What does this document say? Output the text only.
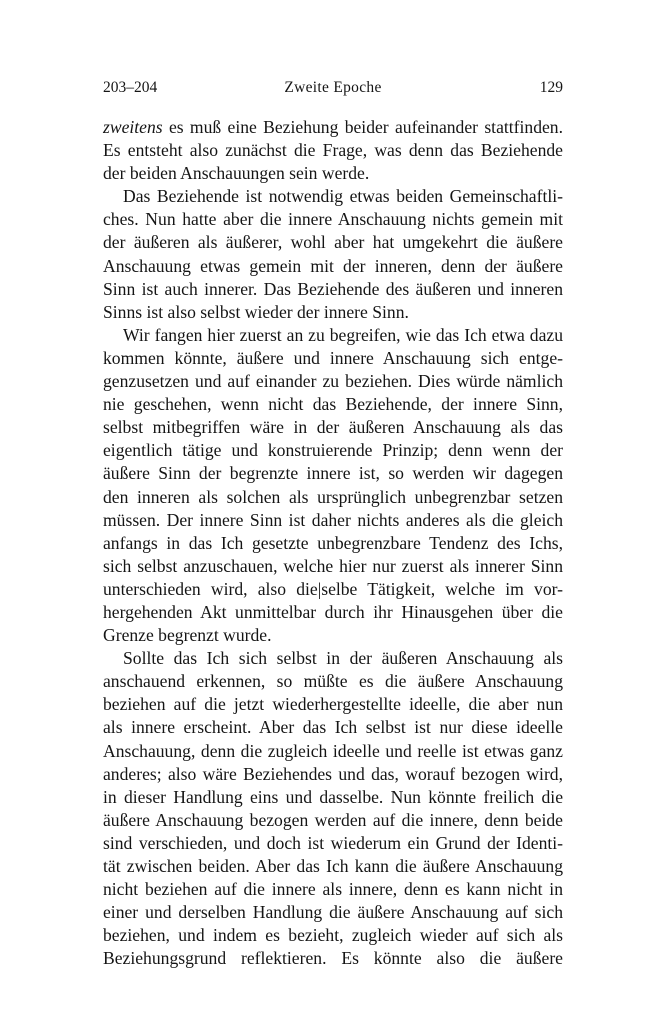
203–204	Zweite Epoche	129
zweitens es muß eine Beziehung beider aufeinander stattfinden.
Es entsteht also zunächst die Frage, was denn das Beziehende
der beiden Anschauungen sein werde.
Das Beziehende ist notwendig etwas beiden Gemeinschaftli-
ches. Nun hatte aber die innere Anschauung nichts gemein mit
der äußeren als äußerer, wohl aber hat umgekehrt die äußere
Anschauung etwas gemein mit der inneren, denn der äußere
Sinn ist auch innerer. Das Beziehende des äußeren und inneren
Sinns ist also selbst wieder der innere Sinn.
Wir fangen hier zuerst an zu begreifen, wie das Ich etwa dazu
kommen könnte, äußere und innere Anschauung sich entge-
genzusetzen und auf einander zu beziehen. Dies würde nämlich
nie geschehen, wenn nicht das Beziehende, der innere Sinn,
selbst mitbegriffen wäre in der äußeren Anschauung als das
eigentlich tätige und konstruierende Prinzip; denn wenn der
äußere Sinn der begrenzte innere ist, so werden wir dagegen
den inneren als solchen als ursprünglich unbegrenzbar setzen
müssen. Der innere Sinn ist daher nichts anderes als die gleich
anfangs in das Ich gesetzte unbegrenzbare Tendenz des Ichs,
sich selbst anzuschauen, welche hier nur zuerst als innerer Sinn
unterschieden wird, also die|selbe Tätigkeit, welche im vor-
hergehenden Akt unmittelbar durch ihr Hinausgehen über die
Grenze begrenzt wurde.
Sollte das Ich sich selbst in der äußeren Anschauung als
anschauend erkennen, so müßte es die äußere Anschauung
beziehen auf die jetzt wiederhergestellte ideelle, die aber nun
als innere erscheint. Aber das Ich selbst ist nur diese ideelle
Anschauung, denn die zugleich ideelle und reelle ist etwas ganz
anderes; also wäre Beziehendes und das, worauf bezogen wird,
in dieser Handlung eins und dasselbe. Nun könnte freilich die
äußere Anschauung bezogen werden auf die innere, denn beide
sind verschieden, und doch ist wiederum ein Grund der Identi-
tät zwischen beiden. Aber das Ich kann die äußere Anschauung
nicht beziehen auf die innere als innere, denn es kann nicht in
einer und derselben Handlung die äußere Anschauung auf sich
beziehen, und indem es bezieht, zugleich wieder auf sich als
Beziehungsgrund reflektieren. Es könnte also die äußere
